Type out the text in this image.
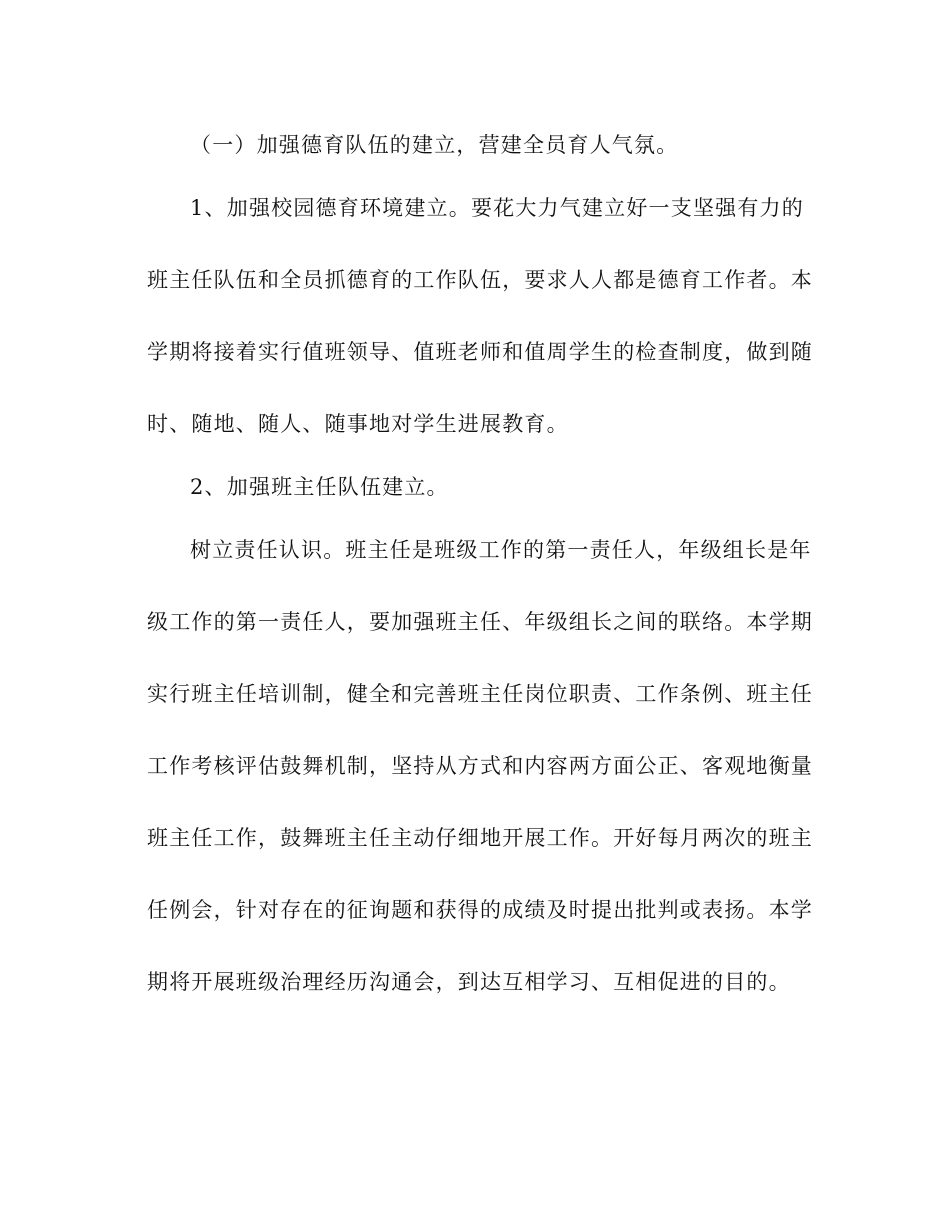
（一）加强德育队伍的建立，营建全员育人气氛。
1、加强校园德育环境建立。要花大力气建立好一支坚强有力的
班主任队伍和全员抓德育的工作队伍，要求人人都是德育工作者。本
学期将接着实行值班领导、值班老师和值周学生的检查制度，做到随
时、随地、随人、随事地对学生进展教育。
2、加强班主任队伍建立。
树立责任认识。班主任是班级工作的第一责任人，年级组长是年
级工作的第一责任人，要加强班主任、年级组长之间的联络。本学期
实行班主任培训制，健全和完善班主任岗位职责、工作条例、班主任
工作考核评估鼓舞机制，坚持从方式和内容两方面公正、客观地衡量
班主任工作，鼓舞班主任主动仔细地开展工作。开好每月两次的班主
任例会，针对存在的征询题和获得的成绩及时提出批判或表扬。本学
期将开展班级治理经历沟通会，到达互相学习、互相促进的目的。
